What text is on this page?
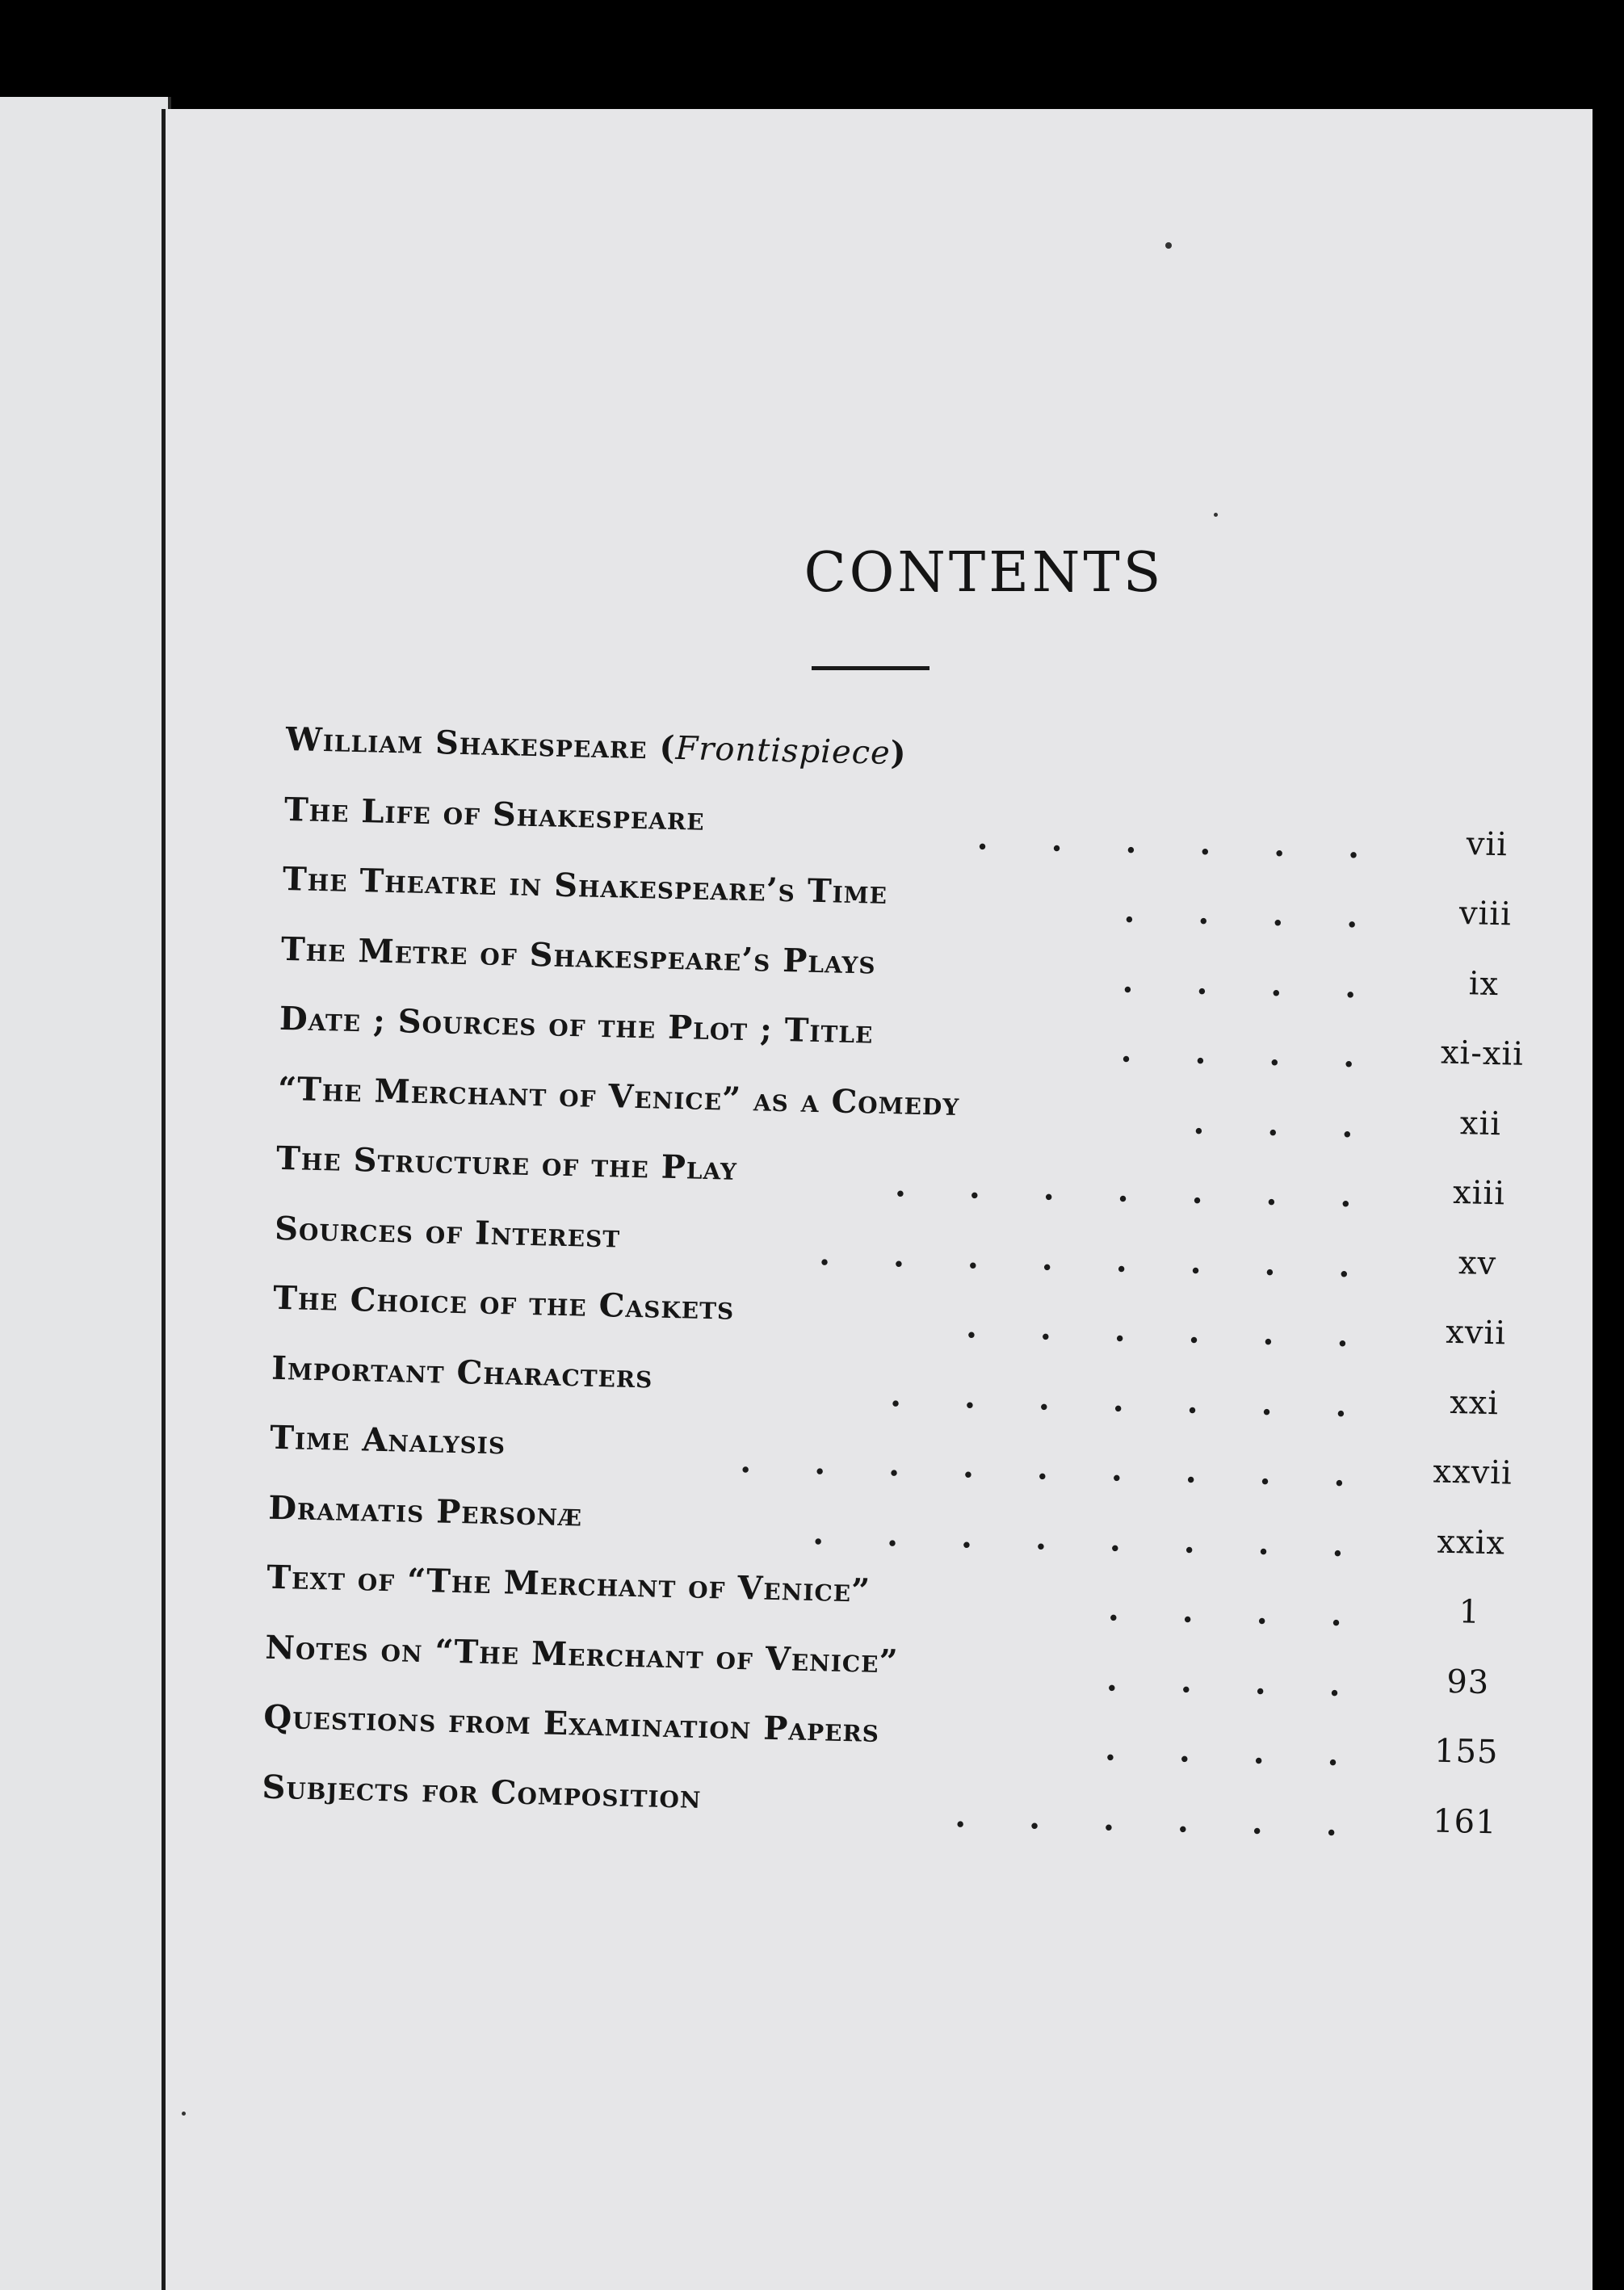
CONTENTS
William Shakespeare (Frontispiece)
The Life of Shakespeare
......	vii
The Theatre in Shakespeare’s Time
....	viii
The Metre of Shakespeare’s Plays
....	ix
Date ; Sources of the Plot ; Title
.... xi-xii
“The Merchant of Venice” as a Comedy
...	xii
The Structure of the Play
.......	xiii
Sources of Interest
........	xv
The Choice of the Caskets
......	xvii
Important Characters
.......	xxi
Time Analysis
......... xxvii
Dramatis Personæ
........ xxix
Text of “The Merchant of Venice”
....	1
Notes on “The Merchant of Venice”
....	93
Questions from Examination Papers
.... 155
Subjects for Composition
...... 161
